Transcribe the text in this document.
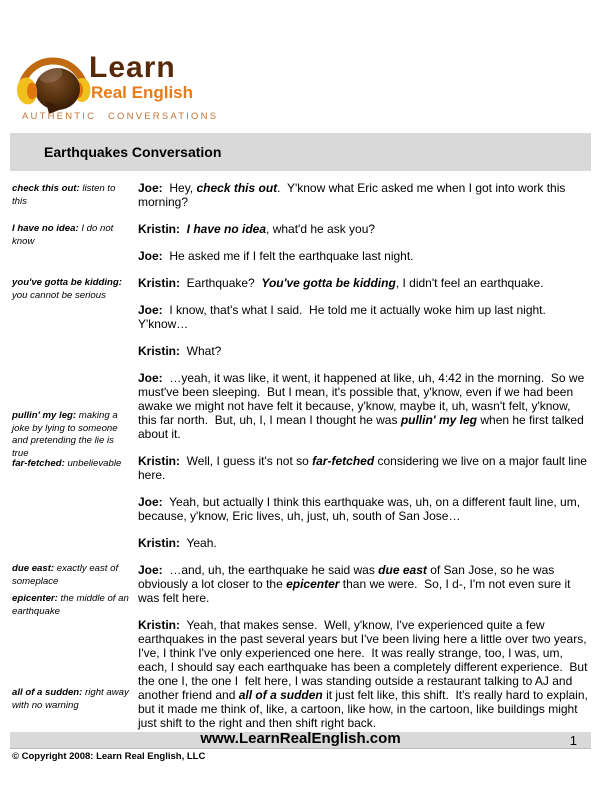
Learn
Real English
AUTHENTIC CONVERSATIONS
Earthquakes Conversation
check this out: listen to this
I have no idea: I do not know
you've gotta be kidding: you cannot be serious
pullin' my leg: making a joke by lying to someone and pretending the lie is true
far-fetched: unbelievable
due east: exactly east of someplace
epicenter: the middle of an earthquake
all of a sudden: right away with no warning

Joe: Hey, check this out.  Y'know what Eric asked me when I got into work this morning?

Kristin: I have no idea, what'd he ask you?

Joe: He asked me if I felt the earthquake last night.

Kristin: Earthquake?  You've gotta be kidding, I didn't feel an earthquake.

Joe: I know, that's what I said.  He told me it actually woke him up last night.  Y'know…

Kristin: What?

Joe: …yeah, it was like, it went, it happened at like, uh, 4:42 in the morning.  So we must've been sleeping.  But I mean, it's possible that, y'know, even if we had been awake we might not have felt it because, y'know, maybe it, uh, wasn't felt, y'know, this far north.  But, uh, I, I mean I thought he was pullin' my leg when he first talked about it.

Kristin: Well, I guess it's not so far-fetched considering we live on a major fault line here.

Joe: Yeah, but actually I think this earthquake was, uh, on a different fault line, um, because, y'know, Eric lives, uh, just, uh, south of San Jose…

Kristin: Yeah.

Joe: …and, uh, the earthquake he said was due east of San Jose, so he was obviously a lot closer to the epicenter than we were.  So, I d-, I'm not even sure it was felt here.

Kristin: Yeah, that makes sense.  Well, y'know, I've experienced quite a few earthquakes in the past several years but I've been living here a little over two years, I've, I think I've only experienced one here.  It was really strange, too, I was, um, each, I should say each earthquake has been a completely different experience.  But the one I, the one I  felt here, I was standing outside a restaurant talking to AJ and another friend and all of a sudden it just felt like, this shift.  It's really hard to explain, but it made me think of, like, a cartoon, like how, in the cartoon, like buildings might just shift to the right and then shift right back.

www.LearnRealEnglish.com	1
© Copyright 2008: Learn Real English, LLC
